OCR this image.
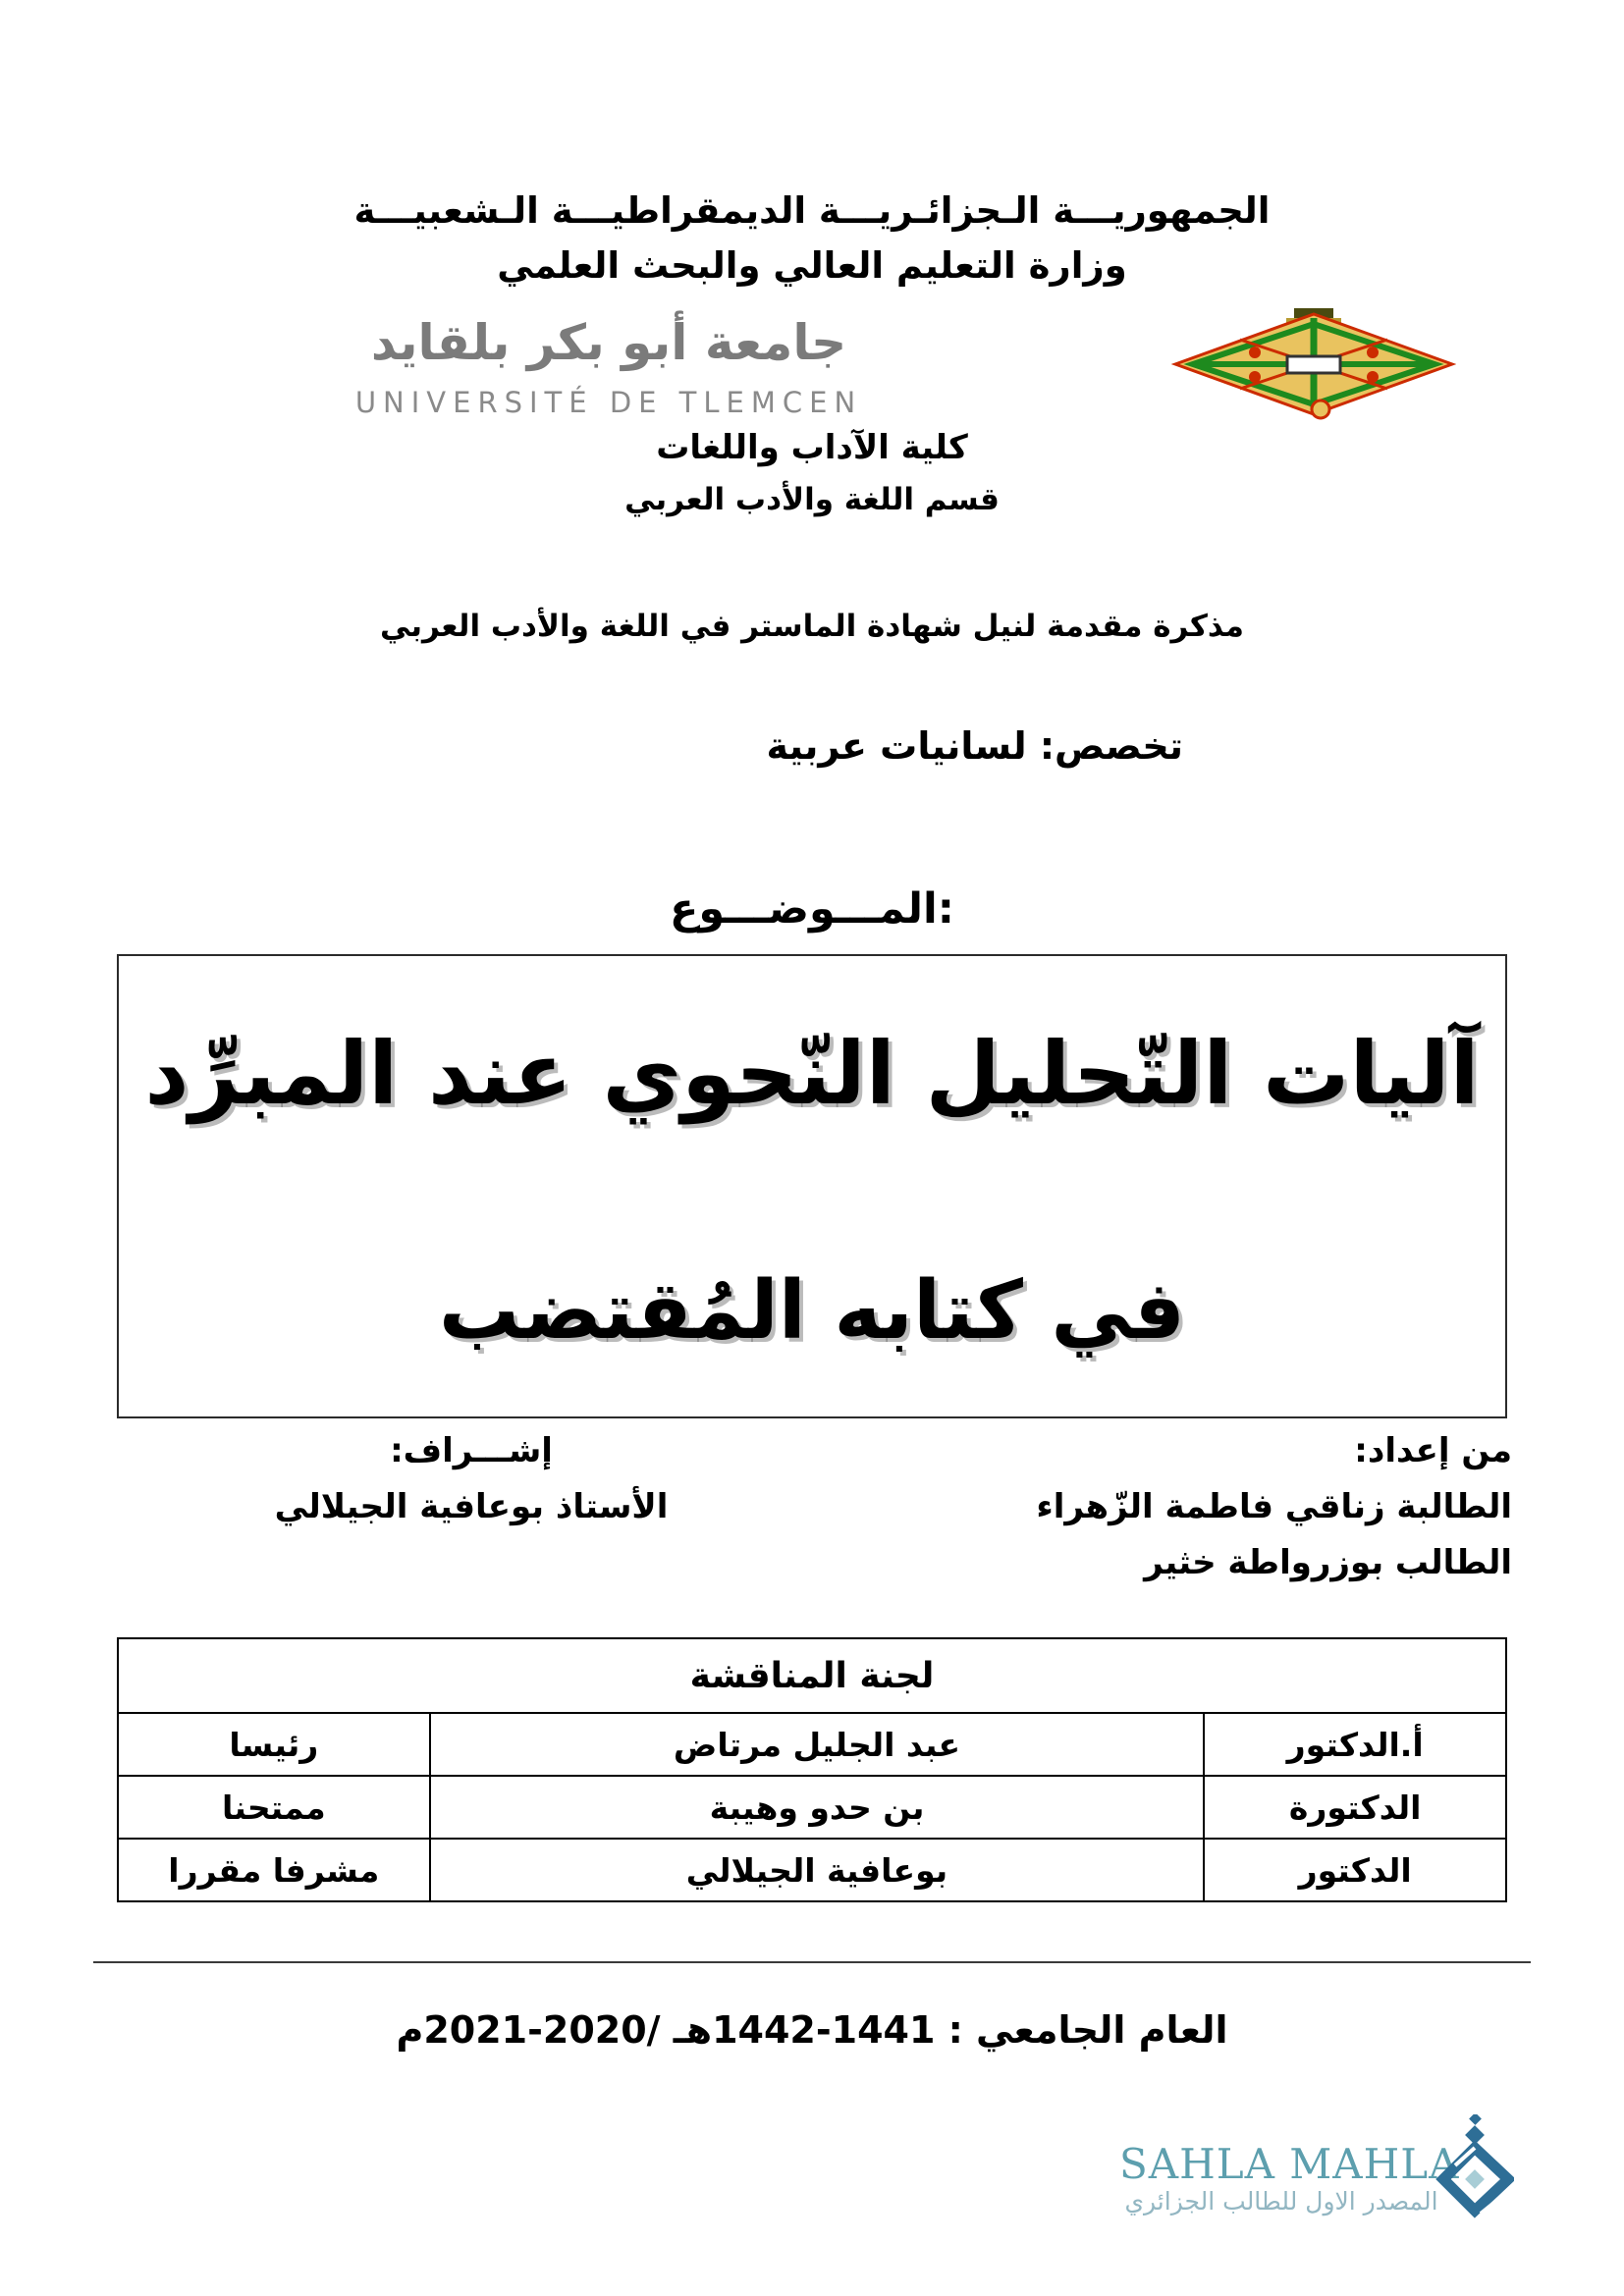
الجمهوريـــة الـجزائـريـــة الديمقراطيـــة الـشعبيـــة
وزارة التعليم العالي والبحث العلمي
جامعة أبو بكر بلقايد
UNIVERSITÉ DE TLEMCEN
كلية الآداب واللغات
قسم اللغة والأدب العربي
مذكرة مقدمة لنيل شهادة الماستر في اللغة والأدب العربي
تخصص: لسانيات عربية
المـــوضـــوع:
آليات التّحليل النّحوي عند المبرِّد
في كتابه المُقتضب
من إعداد:
الطالبة زناقي فاطمة الزّهراء
الطالب بوزرواطة خثير
إشـــراف:
الأستاذ بوعافية الجيلالي
لجنة المناقشة		
أ.الدكتور	عبد الجليل مرتاض	رئيسا
الدكتورة	بن حدو وهيبة	ممتحنا
الدكتور	بوعافية الجيلالي	مشرفا مقررا
العام الجامعي : 1441-1442هـ /2020-2021م
SAHLA MAHLA
المصدر الاول للطالب الجزائري
